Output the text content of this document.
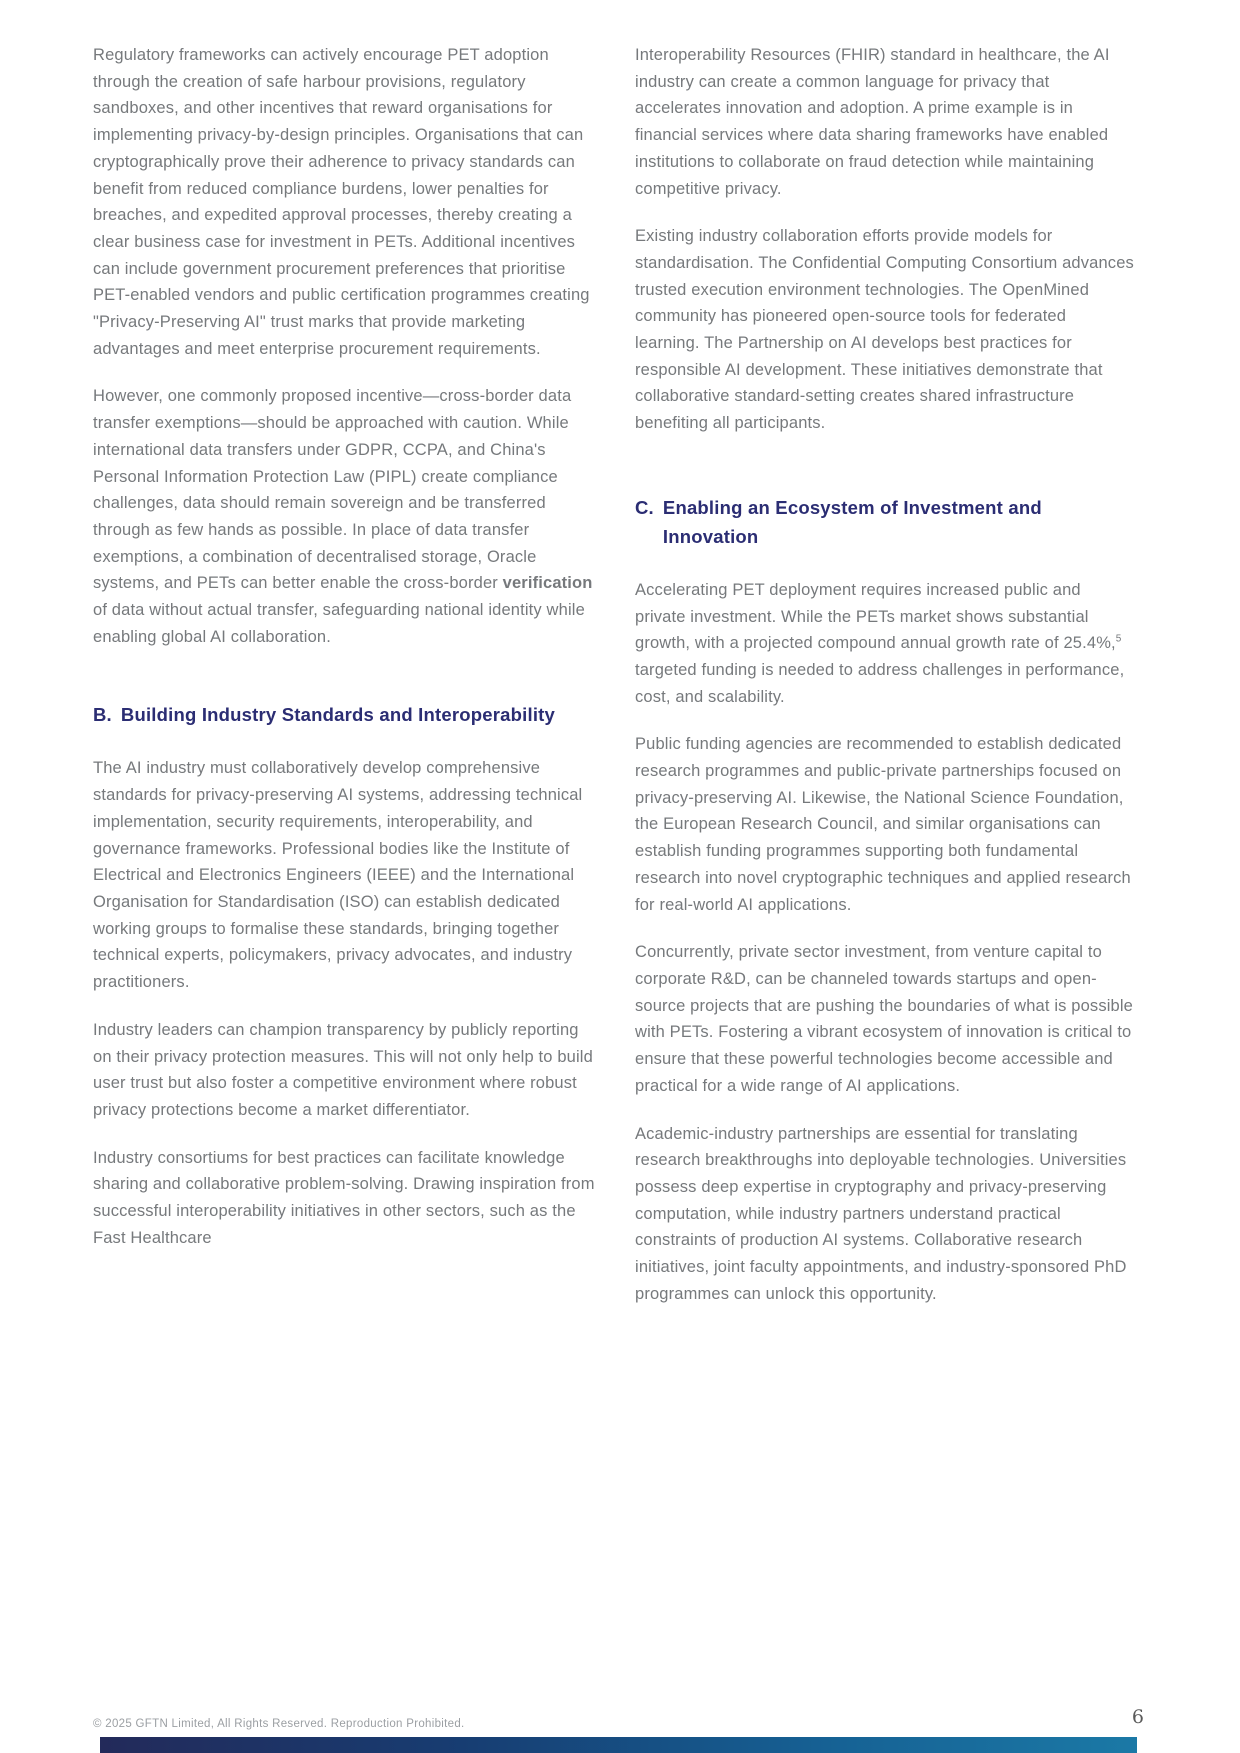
Regulatory frameworks can actively encourage PET adoption through the creation of safe harbour provisions, regulatory sandboxes, and other incentives that reward organisations for implementing privacy-by-design principles. Organisations that can cryptographically prove their adherence to privacy standards can benefit from reduced compliance burdens, lower penalties for breaches, and expedited approval processes, thereby creating a clear business case for investment in PETs. Additional incentives can include government procurement preferences that prioritise PET-enabled vendors and public certification programmes creating "Privacy-Preserving AI" trust marks that provide marketing advantages and meet enterprise procurement requirements.

However, one commonly proposed incentive—cross-border data transfer exemptions—should be approached with caution. While international data transfers under GDPR, CCPA, and China's Personal Information Protection Law (PIPL) create compliance challenges, data should remain sovereign and be transferred through as few hands as possible. In place of data transfer exemptions, a combination of decentralised storage, Oracle systems, and PETs can better enable the cross-border verification of data without actual transfer, safeguarding national identity while enabling global AI collaboration.

B. Building Industry Standards and Interoperability

The AI industry must collaboratively develop comprehensive standards for privacy-preserving AI systems, addressing technical implementation, security requirements, interoperability, and governance frameworks. Professional bodies like the Institute of Electrical and Electronics Engineers (IEEE) and the International Organisation for Standardisation (ISO) can establish dedicated working groups to formalise these standards, bringing together technical experts, policymakers, privacy advocates, and industry practitioners.

Industry leaders can champion transparency by publicly reporting on their privacy protection measures. This will not only help to build user trust but also foster a competitive environment where robust privacy protections become a market differentiator.

Industry consortiums for best practices can facilitate knowledge sharing and collaborative problem-solving. Drawing inspiration from successful interoperability initiatives in other sectors, such as the Fast Healthcare

Interoperability Resources (FHIR) standard in healthcare, the AI industry can create a common language for privacy that accelerates innovation and adoption. A prime example is in financial services where data sharing frameworks have enabled institutions to collaborate on fraud detection while maintaining competitive privacy.

Existing industry collaboration efforts provide models for standardisation. The Confidential Computing Consortium advances trusted execution environment technologies. The OpenMined community has pioneered open-source tools for federated learning. The Partnership on AI develops best practices for responsible AI development. These initiatives demonstrate that collaborative standard-setting creates shared infrastructure benefiting all participants.

C. Enabling an Ecosystem of Investment and Innovation

Accelerating PET deployment requires increased public and private investment. While the PETs market shows substantial growth, with a projected compound annual growth rate of 25.4%,$^5$ targeted funding is needed to address challenges in performance, cost, and scalability.

Public funding agencies are recommended to establish dedicated research programmes and public-private partnerships focused on privacy-preserving AI. Likewise, the National Science Foundation, the European Research Council, and similar organisations can establish funding programmes supporting both fundamental research into novel cryptographic techniques and applied research for real-world AI applications.

Concurrently, private sector investment, from venture capital to corporate R&D, can be channeled towards startups and open-source projects that are pushing the boundaries of what is possible with PETs. Fostering a vibrant ecosystem of innovation is critical to ensure that these powerful technologies become accessible and practical for a wide range of AI applications.

Academic-industry partnerships are essential for translating research breakthroughs into deployable technologies. Universities possess deep expertise in cryptography and privacy-preserving computation, while industry partners understand practical constraints of production AI systems. Collaborative research initiatives, joint faculty appointments, and industry-sponsored PhD programmes can unlock this opportunity.

© 2025 GFTN Limited, All Rights Reserved. Reproduction Prohibited.	6
